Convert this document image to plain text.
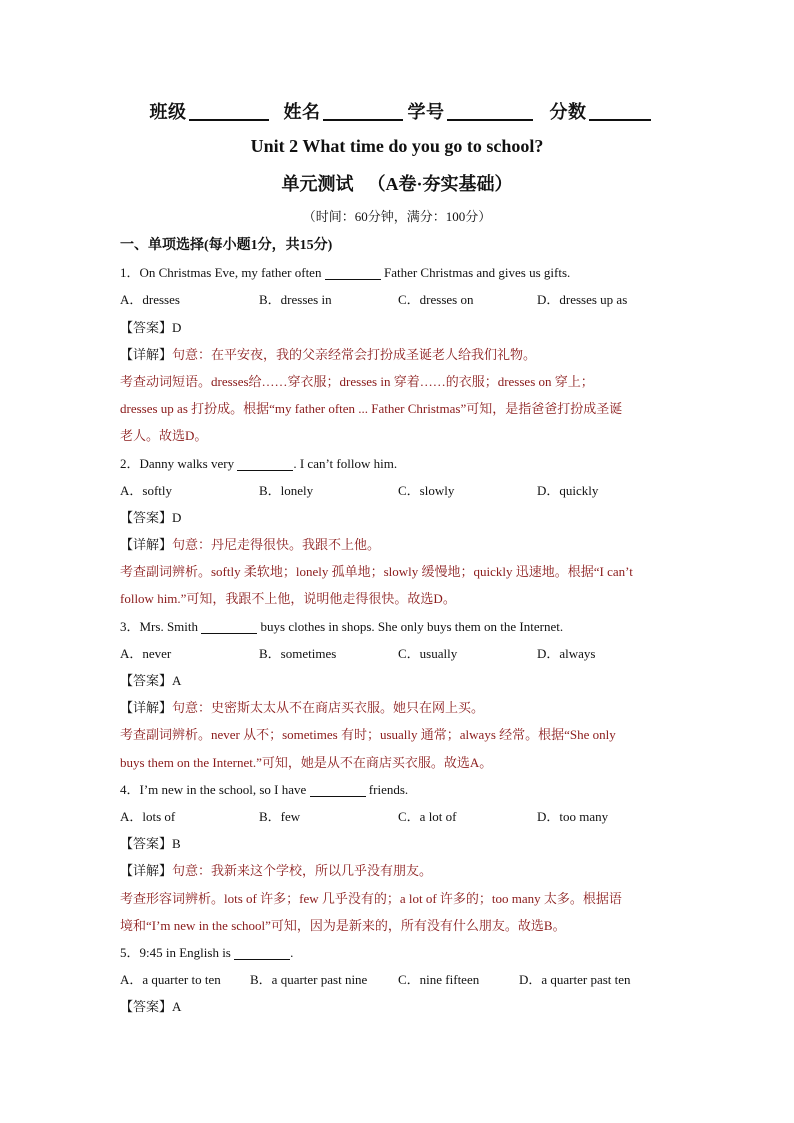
班级	姓名	学号	分数
Unit 2 What time do you go to school?
单元测试 （A卷·夯实基础）
（时间：60分钟，满分：100分）
一、单项选择(每小题1分，共15分)
1．On Christmas Eve, my father often	Father Christmas and gives us gifts.
A．dresses	B．dresses in	C．dresses on	D．dresses up as
【答案】D
【详解】句意：在平安夜，我的父亲经常会打扮成圣诞老人给我们礼物。
考查动词短语。dresses给……穿衣服；dresses in 穿着……的衣服；dresses on 穿上；
dresses up as 打扮成。根据“my father often ... Father Christmas”可知，是指爸爸打扮成圣诞
老人。故选D。
2．Danny walks very	. I can’t follow him.
A．softly	B．lonely	C．slowly	D．quickly
【答案】D
【详解】句意：丹尼走得很快。我跟不上他。
考查副词辨析。softly 柔软地；lonely 孤单地；slowly 缓慢地；quickly 迅速地。根据“I can’t
follow him.”可知，我跟不上他，说明他走得很快。故选D。
3．Mrs. Smith	buys clothes in shops. She only buys them on the Internet.
A．never	B．sometimes	C．usually	D．always
【答案】A
【详解】句意：史密斯太太从不在商店买衣服。她只在网上买。
考查副词辨析。never 从不；sometimes 有时；usually 通常；always 经常。根据“She only
buys them on the Internet.”可知，她是从不在商店买衣服。故选A。
4．I’m new in the school, so I have	friends.
A．lots of	B．few	C．a lot of	D．too many
【答案】B
【详解】句意：我新来这个学校，所以几乎没有朋友。
考查形容词辨析。lots of 许多；few 几乎没有的；a lot of 许多的；too many 太多。根据语
境和“I’m new in the school”可知，因为是新来的，所有没有什么朋友。故选B。
5．9:45 in English is	.
A．a quarter to ten B．a quarter past nine C．nine fifteen	D．a quarter past ten
【答案】A
